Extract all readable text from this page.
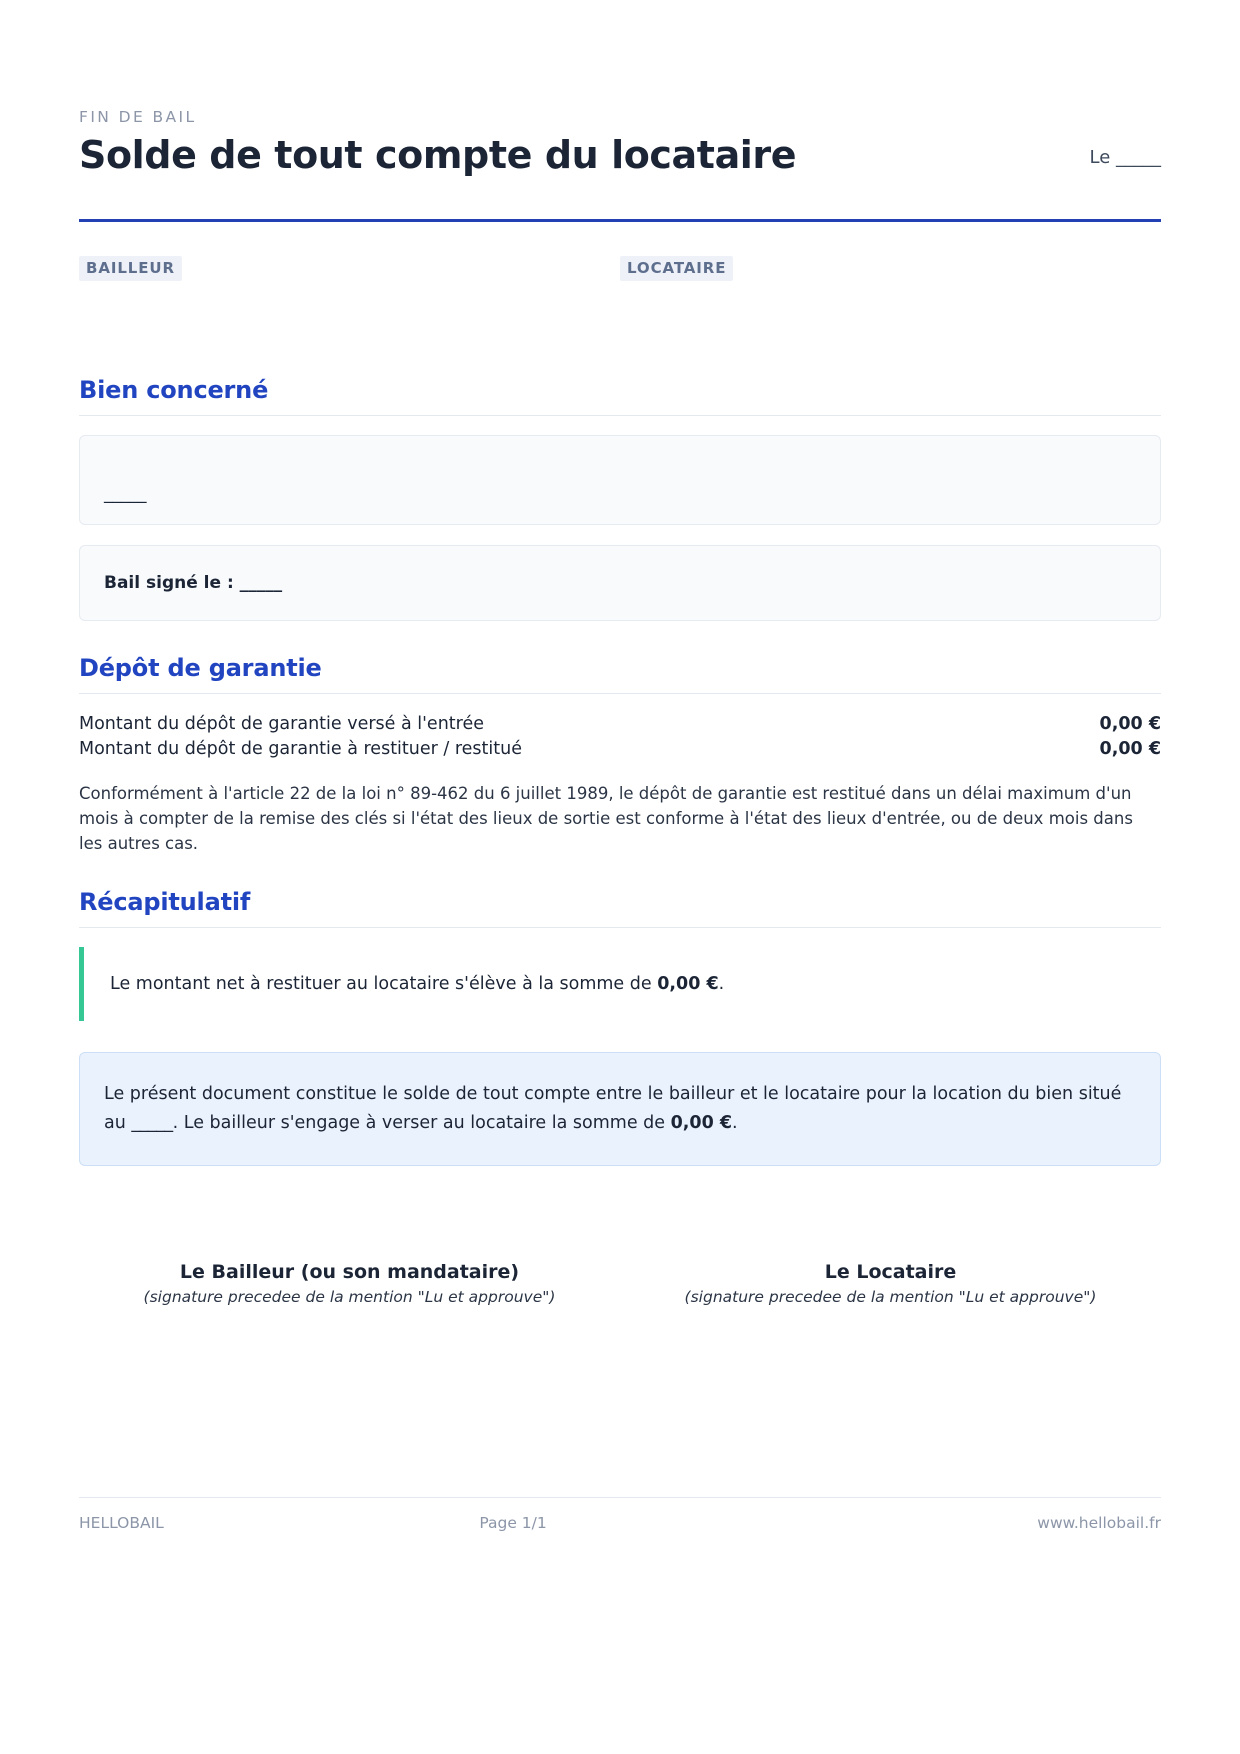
FIN DE BAIL
Solde de tout compte du locataire	Le _____
BAILLEUR	LOCATAIRE
Bien concerné
_____
Bail signé le : _____
Dépôt de garantie
Montant du dépôt de garantie versé à l'entrée	0,00 €
Montant du dépôt de garantie à restituer / restitué	0,00 €
Conformément à l'article 22 de la loi n° 89-462 du 6 juillet 1989, le dépôt de garantie est restitué dans un délai maximum d'un mois à compter de la remise des clés si l'état des lieux de sortie est conforme à l'état des lieux d'entrée, ou de deux mois dans les autres cas.
Récapitulatif
Le montant net à restituer au locataire s'élève à la somme de 0,00 €.
Le présent document constitue le solde de tout compte entre le bailleur et le locataire pour la location du bien situé au _____. Le bailleur s'engage à verser au locataire la somme de 0,00 €.
Le Bailleur (ou son mandataire)
(signature precedee de la mention "Lu et approuve")
Le Locataire
(signature precedee de la mention "Lu et approuve")
HELLOBAIL	Page 1/1	www.hellobail.fr
